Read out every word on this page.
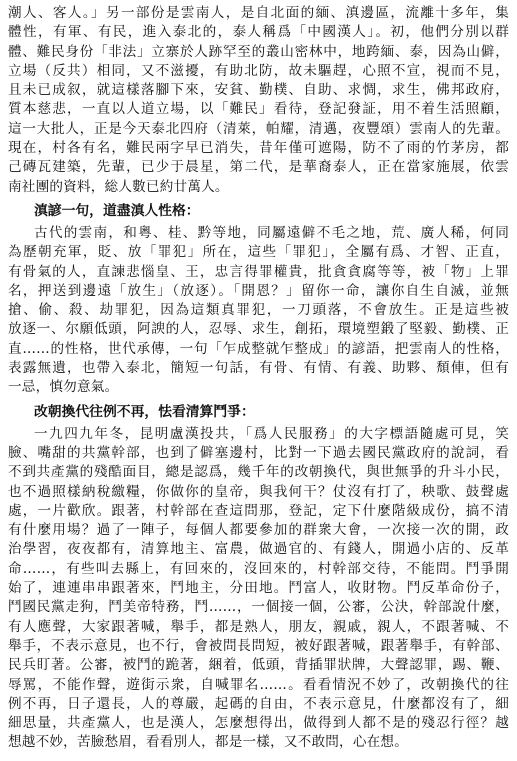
潮人、客人。」另一部份是雲南人，是自北面的緬、滇邊區，流離十多年，集
體性，有軍、有民，進入泰北的，泰人稱爲「中國漢人」。初，他們分別以群
體、難民身份「非法」立寨於人跡罕至的叢山密林中，地跨緬、泰，因為山僻，
立場（反共）相同，又不滋擾，有助北防，故未驅趕，心照不宣，視而不見，
且未已成叙，就這樣落腳下來，安貧、勤樸、自助、求惆，求生，佛邦政府，
質本慈悲，一直以人道立場，以「難民」看待，登記發証，用不着生活照顧，
這一大批人，正是今天泰北四府（清萊，帕耀，清邁，夜豐頌）雲南人的先輩。
現在，村各有名，難民兩字早已消失，昔年僅可遮陽，防不了雨的竹茅房，都
己磚瓦建築，先輩，已少于晨星，第二代，是華裔泰人，正在當家施展，依雲
南社團的資料，総人數已約廿萬人。
滇諺一句，道盡滇人性格：
古代的雲南，和粵、桂、黔等地，同屬遠僻不毛之地，荒、廣人稀，何同
為歷朝充軍，貶、放「罪犯」所在，這些「罪犯」，全屬有爲、才智、正直，
有骨氣的人，直諫悲惱皇、王，忠言得罪權貴，批貪貪腐等等，被「物」上罪
名，押送到邊遠「放生」（放逐）。「開恩？」留你一命，讓你自生自滅，並無
搶、偷、殺、劫罪犯，因為這類真罪犯，一刀頭落，不會放生。正是這些被
放逐一、尔願低頭，阿諛的人，忍辱、求生，創拓，環境塑鍛了堅毅、勤樸、正
直……的性格，世代承傳，一句「乍成整就乍整成」的諺語，把雲南人的性格，
表露無遺，也帶入泰北，簡短一句話，有骨、有情、有義、助夥、頹俥，但有
一忌，慎勿意氣。
改朝換代往例不再，怯看清算鬥爭：
一九四九年冬，昆明盧漢投共，「爲人民服務」的大字標語隨處可見，笑
臉、嘴甜的共黨幹部，也到了僻塞邊村，比對一下過去國民黨政府的說詞，看
不到共產黨的殘酷面目，總是認爲，幾千年的改朝換代，與世無爭的升斗小民，
也不過照樣納稅繳糧，你做你的皇帝，與我何干？仗沒有打了，秧歌、鼓聲處
處，一片歡欣。跟著，村幹部在查這問那，登記，定下什麼階級成份，搞不清
有什麼用場？過了一陣子，每個人都要參加的群衆大會，一次接一次的開，政
治學習，夜夜都有，清算地主、富農，做過官的、有錢人，開過小店的、反革
命……，有些叫去縣上，有回來的，沒回來的，村幹部交待，不能問。鬥爭開
始了，連連串串跟著來，鬥地主，分田地。鬥富人，收財物。鬥反革命份子，
鬥國民黨走狗，鬥美帝特務，鬥……，一個接一個，公審，公決，幹部說什麼，
有人應聲，大家跟著喊，舉手，都是熟人，朋友，親戚，親人，不跟著喊、不
舉手，不表示意見，也不行，會被問長問短，被好跟著喊，跟著舉手，有幹部、
民兵盯著。公審，被鬥的跪著，綑着，低頭，背插罪狀牌，大聲認罪，踢、鞭、
辱罵，不能作聲，遊街示衆，自喊罪名……。看看情況不妙了，改朝換代的往
例不再，日子還長，人的尊嚴，起碼的自由，不表示意見，什麼都沒有了，細
細思量，共產黨人，也是漢人，怎麼想得出，做得到人都不是的殘忍行徑？越
想越不妙，苦臉愁眉，看看別人，都是一樣，又不敢問，心在想。
